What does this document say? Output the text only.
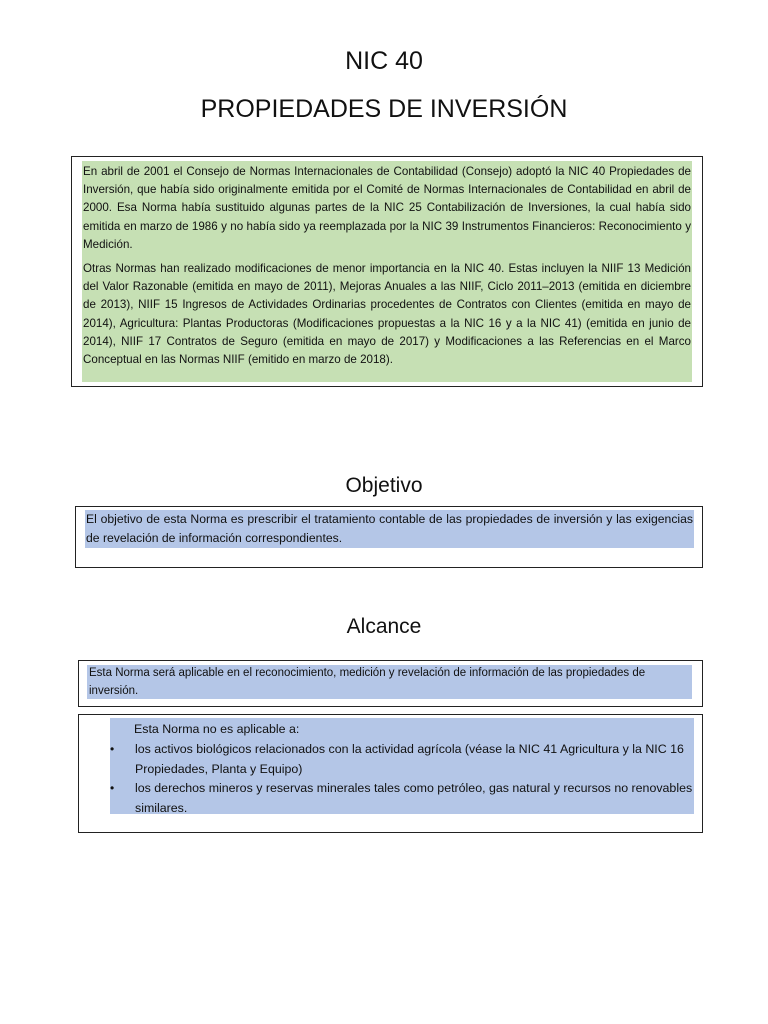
NIC 40
PROPIEDADES DE INVERSIÓN

En abril de 2001 el Consejo de Normas Internacionales de Contabilidad (Consejo) adoptó la NIC 40 Propiedades de Inversión, que había sido originalmente emitida por el Comité de Normas Internacionales de Contabilidad en abril de 2000. Esa Norma había sustituido algunas partes de la NIC 25 Contabilización de Inversiones, la cual había sido emitida en marzo de 1986 y no había sido ya reemplazada por la NIC 39 Instrumentos Financieros: Reconocimiento y Medición.

Otras Normas han realizado modificaciones de menor importancia en la NIC 40. Estas incluyen la NIIF 13 Medición del Valor Razonable (emitida en mayo de 2011), Mejoras Anuales a las NIIF, Ciclo 2011–2013 (emitida en diciembre de 2013), NIIF 15 Ingresos de Actividades Ordinarias procedentes de Contratos con Clientes (emitida en mayo de 2014), Agricultura: Plantas Productoras (Modificaciones propuestas a la NIC 16 y a la NIC 41) (emitida en junio de 2014), NIIF 17 Contratos de Seguro (emitida en mayo de 2017) y Modificaciones a las Referencias en el Marco Conceptual en las Normas NIIF (emitido en marzo de 2018).

Objetivo
El objetivo de esta Norma es prescribir el tratamiento contable de las propiedades de inversión y las exigencias de revelación de información correspondientes.
Alcance
Esta Norma será aplicable en el reconocimiento, medición y revelación de información de las propiedades de inversión.
Esta Norma no es aplicable a:
• los activos biológicos relacionados con la actividad agrícola (véase la NIC 41 Agricultura y la NIC 16 Propiedades, Planta y Equipo)
• los derechos mineros y reservas minerales tales como petróleo, gas natural y recursos no renovables similares.
